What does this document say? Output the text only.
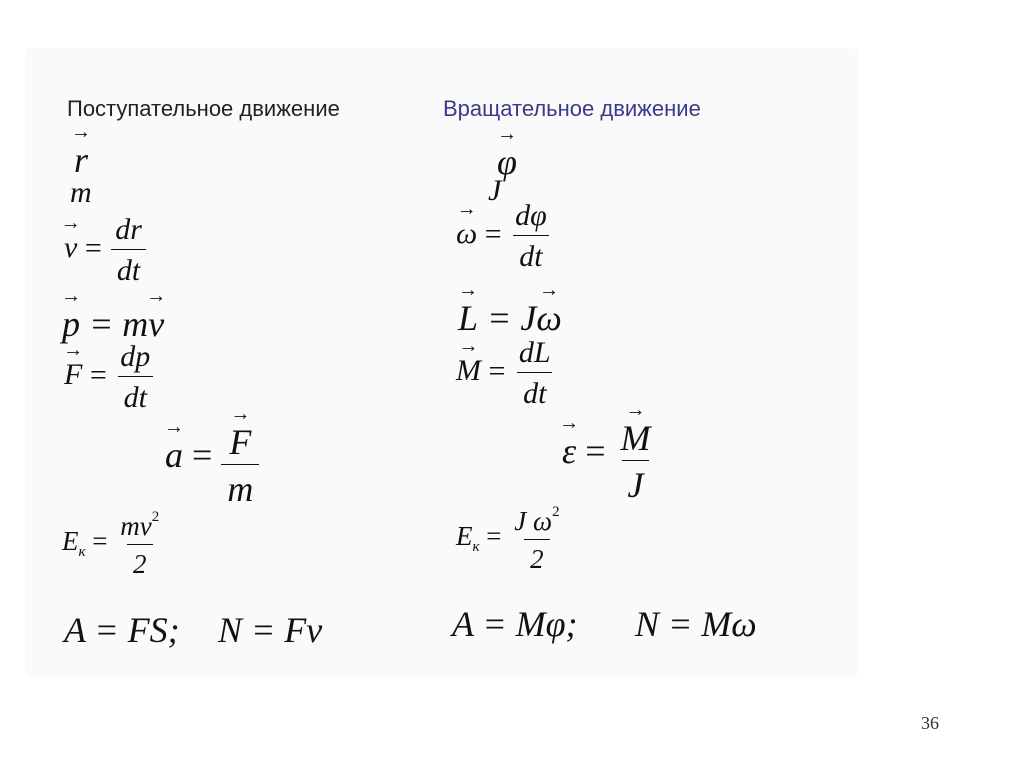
Поступательное движение	Вращательное движение
→ r
m
→ $v = \frac{dr}{dt}$
→ p = m→ v
→ $F = \frac{dp}{dt}$
→ a = → $\frac{F}{m}$
$E_к = \frac{mv^2}{2}$
A = FS; N = Fv
→ φ
J
→ $\omega = \frac{d\varphi}{dt}$
→ L = J→ ω
→ $M = \frac{dL}{dt}$
→ ε = → $\frac{M}{J}$
$E_к = \frac{J \omega^2}{2}$
A = Mφ; N = Mω
36
